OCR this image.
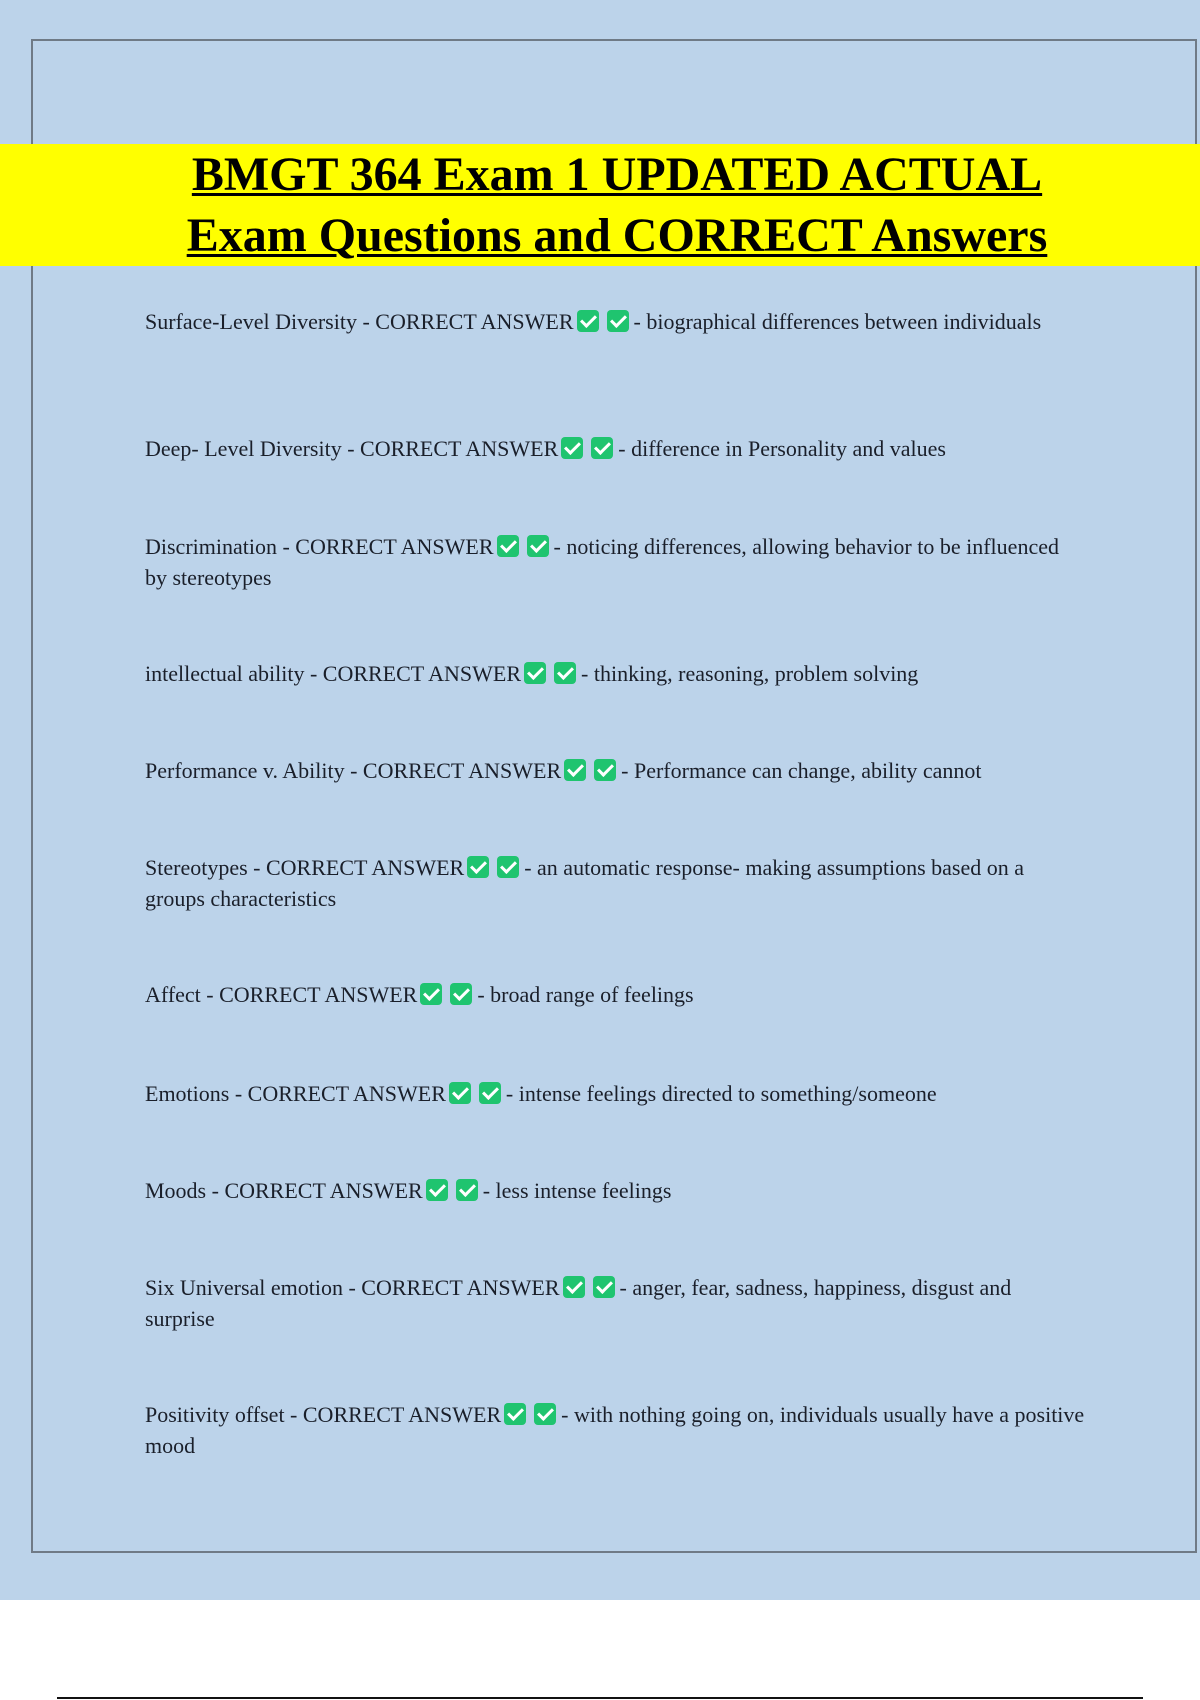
BMGT 364 Exam 1 UPDATED ACTUAL
Exam Questions and CORRECT Answers

Surface-Level Diversity - CORRECT ANSWER	- biographical differences between individuals

Deep- Level Diversity - CORRECT ANSWER	- difference in Personality and values

Discrimination - CORRECT ANSWER	- noticing differences, allowing behavior to be influenced by stereotypes

intellectual ability - CORRECT ANSWER	- thinking, reasoning, problem solving

Performance v. Ability - CORRECT ANSWER	- Performance can change, ability cannot

Stereotypes - CORRECT ANSWER	- an automatic response- making assumptions based on a groups characteristics

Affect - CORRECT ANSWER	- broad range of feelings

Emotions - CORRECT ANSWER	- intense feelings directed to something/someone

Moods - CORRECT ANSWER	- less intense feelings

Six Universal emotion - CORRECT ANSWER	- anger, fear, sadness, happiness, disgust and surprise

Positivity offset - CORRECT ANSWER	- with nothing going on, individuals usually have a positive mood
